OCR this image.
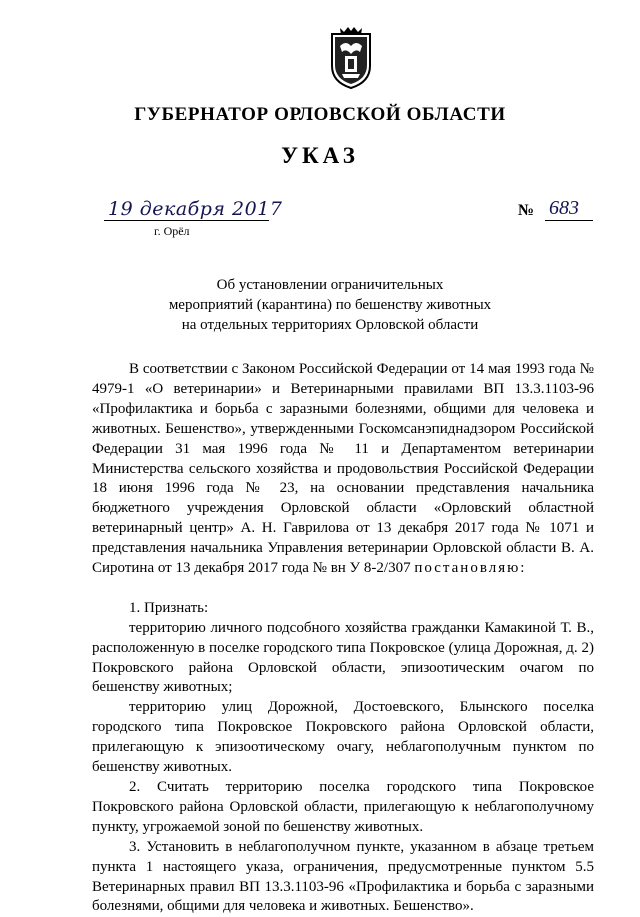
ГУБЕРНАТОР ОРЛОВСКОЙ ОБЛАСТИ
УКАЗ
19 декабря 2017
г. Орёл
№ 683
Об установлении ограничительных
мероприятий (карантина) по бешенству животных
на отдельных территориях Орловской области

В соответствии с Законом Российской Федерации от 14 мая 1993 года № 4979-1 «О ветеринарии» и Ветеринарными правилами ВП 13.3.1103-96 «Профилактика и борьба с заразными болезнями, общими для человека и животных. Бешенство», утвержденными Госкомсанэпиднадзором Российской Федерации 31 мая 1996 года № 11 и Департаментом ветеринарии Министерства сельского хозяйства и продовольствия Российской Федерации 18 июня 1996 года № 23, на основании представления начальника бюджетного учреждения Орловской области «Орловский областной ветеринарный центр» А. Н. Гаврилова от 13 декабря 2017 года № 1071 и представления начальника Управления ветеринарии Орловской области В. А. Сиротина от 13 декабря 2017 года № вн У 8-2/307 постановляю:

1. Признать:

территорию личного подсобного хозяйства гражданки Камакиной Т. В., расположенную в поселке городского типа Покровское (улица Дорожная, д. 2) Покровского района Орловской области, эпизоотическим очагом по бешенству животных;

территорию улиц Дорожной, Достоевского, Блынского поселка городского типа Покровское Покровского района Орловской области, прилегающую к эпизоотическому очагу, неблагополучным пунктом по бешенству животных.

2. Считать территорию поселка городского типа Покровское Покровского района Орловской области, прилегающую к неблагополучному пункту, угрожаемой зоной по бешенству животных.

3. Установить в неблагополучном пункте, указанном в абзаце третьем пункта 1 настоящего указа, ограничения, предусмотренные пунктом 5.5 Ветеринарных правил ВП 13.3.1103-96 «Профилактика и борьба с заразными болезнями, общими для человека и животных. Бешенство».
